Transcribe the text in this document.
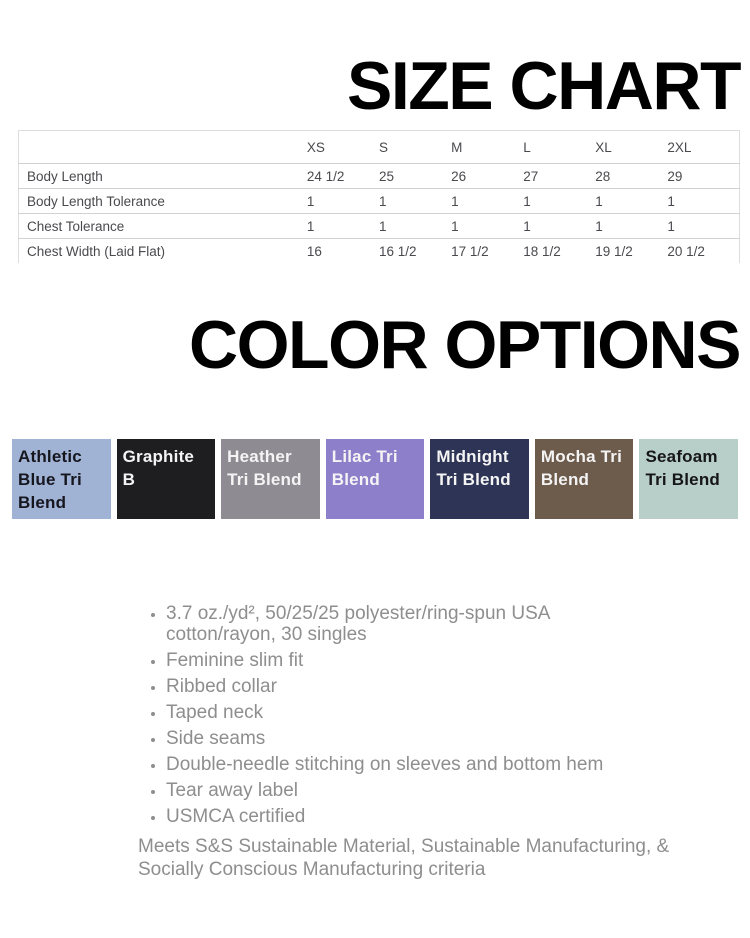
SIZE CHART
	XS	S	M	L	XL	2XL
Body Length	24 1/2	25	26	27	28	29
Body Length Tolerance	1	1	1	1	1	1
Chest Tolerance	1	1	1	1	1	1
Chest Width (Laid Flat)	16	16 1/2	17 1/2	18 1/2	19 1/2	20 1/2
COLOR OPTIONS
Athletic Blue Tri Blend
Graphite B
Heather Tri Blend
Lilac Tri Blend
Midnight Tri Blend
Mocha Tri Blend
Seafoam Tri Blend
• 3.7 oz./yd², 50/25/25 polyester/ring-spun USA cotton/rayon, 30 singles
• Feminine slim fit
• Ribbed collar
• Taped neck
• Side seams
• Double-needle stitching on sleeves and bottom hem
• Tear away label
• USMCA certified

Meets S&S Sustainable Material, Sustainable Manufacturing, & Socially Conscious Manufacturing criteria
